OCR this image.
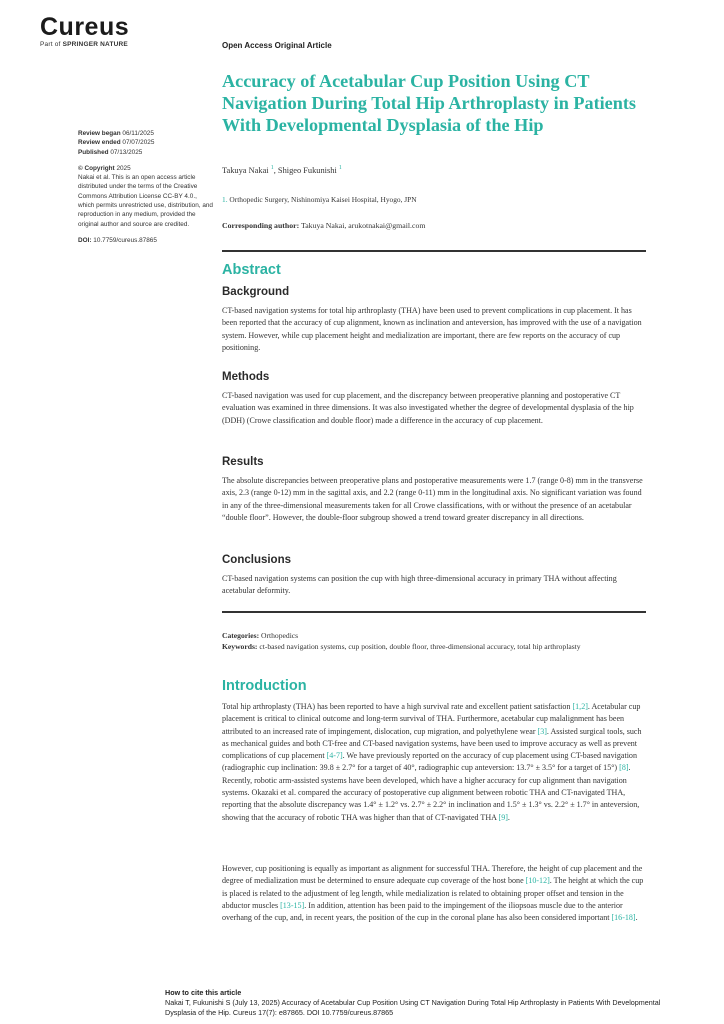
Cureus
Part of SPRINGER NATURE	Open Access Original Article
Accuracy of Acetabular Cup Position Using CT Navigation During Total Hip Arthroplasty in Patients With Developmental Dysplasia of the Hip
Takuya Nakai $^1$, Shigeo Fukunishi $^1$
1. Orthopedic Surgery, Nishinomiya Kaisei Hospital, Hyogo, JPN
Corresponding author: Takuya Nakai, arukotnakai@gmail.com
Review began 06/11/2025
Review ended 07/07/2025
Published 07/13/2025
© Copyright 2025
Nakai et al. This is an open access article distributed under the terms of the Creative Commons Attribution License CC-BY 4.0., which permits unrestricted use, distribution, and reproduction in any medium, provided the original author and source are credited.
DOI: 10.7759/cureus.87865
Abstract
Background

CT-based navigation systems for total hip arthroplasty (THA) have been used to prevent complications in cup placement. It has been reported that the accuracy of cup alignment, known as inclination and anteversion, has improved with the use of a navigation system. However, while cup placement height and medialization are important, there are few reports on the accuracy of cup positioning.

Methods

CT-based navigation was used for cup placement, and the discrepancy between preoperative planning and postoperative CT evaluation was examined in three dimensions. It was also investigated whether the degree of developmental dysplasia of the hip (DDH) (Crowe classification and double floor) made a difference in the accuracy of cup placement.

Results

The absolute discrepancies between preoperative plans and postoperative measurements were 1.7 (range 0-8) mm in the transverse axis, 2.3 (range 0-12) mm in the sagittal axis, and 2.2 (range 0-11) mm in the longitudinal axis. No significant variation was found in any of the three-dimensional measurements taken for all Crowe classifications, with or without the presence of an acetabular “double floor”. However, the double-floor subgroup showed a trend toward greater discrepancy in all directions.

Conclusions

CT-based navigation systems can position the cup with high three-dimensional accuracy in primary THA without affecting acetabular deformity.

Categories: Orthopedics
Keywords: ct-based navigation systems, cup position, double floor, three-dimensional accuracy, total hip arthroplasty
Introduction

Total hip arthroplasty (THA) has been reported to have a high survival rate and excellent patient satisfaction [1,2]. Acetabular cup placement is critical to clinical outcome and long-term survival of THA. Furthermore, acetabular cup malalignment has been attributed to an increased rate of impingement, dislocation, cup migration, and polyethylene wear [3]. Assisted surgical tools, such as mechanical guides and both CT-free and CT-based navigation systems, have been used to improve accuracy as well as prevent complications of cup placement [4-7]. We have previously reported on the accuracy of cup placement using CT-based navigation (radiographic cup inclination: 39.8 ± 2.7° for a target of 40°, radiographic cup anteversion: 13.7° ± 3.5° for a target of 15°) [8]. Recently, robotic arm-assisted systems have been developed, which have a higher accuracy for cup alignment than navigation systems. Okazaki et al. compared the accuracy of postoperative cup alignment between robotic THA and CT-navigated THA, reporting that the absolute discrepancy was 1.4° ± 1.2° vs. 2.7° ± 2.2° in inclination and 1.5° ± 1.3° vs. 2.2° ± 1.7° in anteversion, showing that the accuracy of robotic THA was higher than that of CT-navigated THA [9].

However, cup positioning is equally as important as alignment for successful THA. Therefore, the height of cup placement and the degree of medialization must be determined to ensure adequate cup coverage of the host bone [10-12]. The height at which the cup is placed is related to the adjustment of leg length, while medialization is related to obtaining proper offset and tension in the abductor muscles [13-15]. In addition, attention has been paid to the impingement of the iliopsoas muscle due to the anterior overhang of the cup, and, in recent years, the position of the cup in the coronal plane has also been considered important [16-18].

How to cite this article
Nakai T, Fukunishi S (July 13, 2025) Accuracy of Acetabular Cup Position Using CT Navigation During Total Hip Arthroplasty in Patients With Developmental Dysplasia of the Hip. Cureus 17(7): e87865. DOI 10.7759/cureus.87865
